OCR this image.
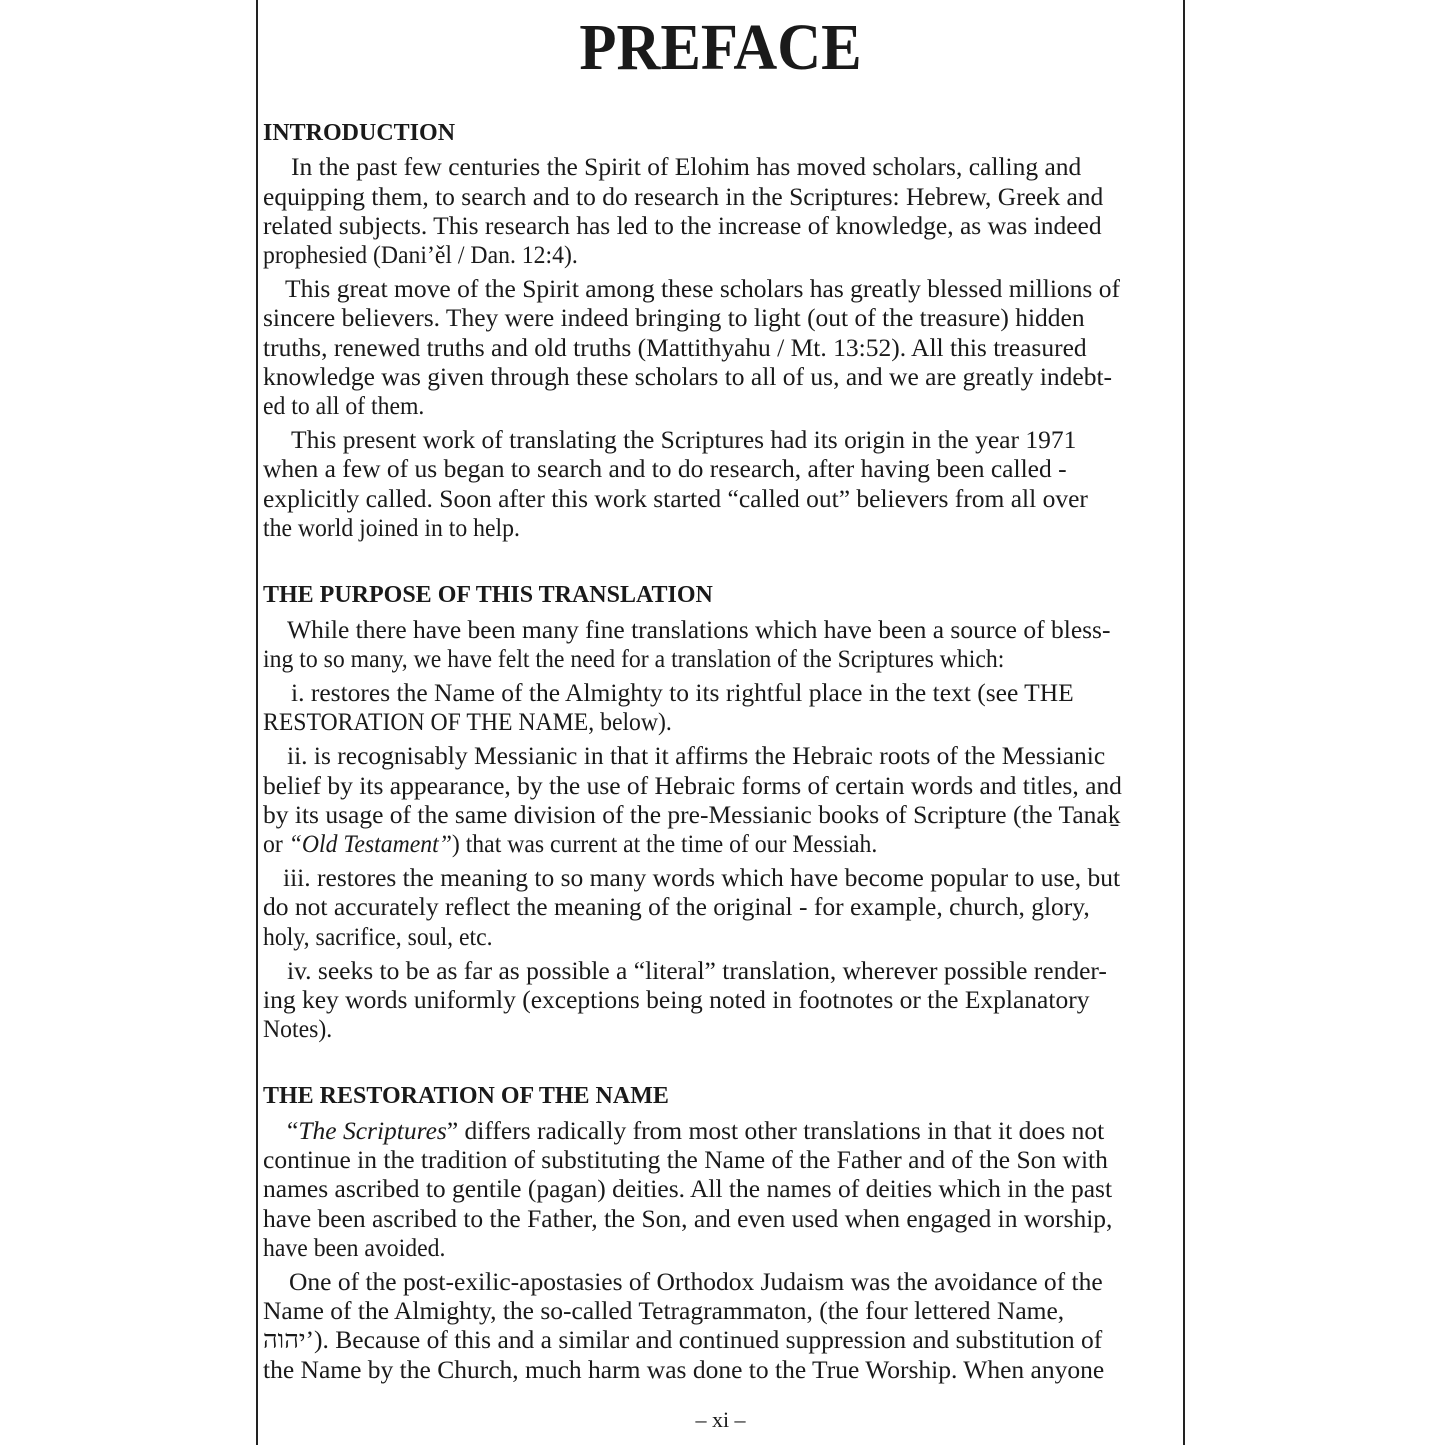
PREFACE
INTRODUCTION
In the past few centuries the Spirit of Elohim has moved scholars, calling and
equipping them, to search and to do research in the Scriptures: Hebrew, Greek and
related subjects. This research has led to the increase of knowledge, as was indeed
prophesied (Dani’ěl / Dan. 12:4).
This great move of the Spirit among these scholars has greatly blessed millions of
sincere believers. They were indeed bringing to light (out of the treasure) hidden
truths, renewed truths and old truths (Mattithyahu / Mt. 13:52). All this treasured
knowledge was given through these scholars to all of us, and we are greatly indebt-
ed to all of them.
This present work of translating the Scriptures had its origin in the year 1971
when a few of us began to search and to do research, after having been called -
explicitly called. Soon after this work started “called out” believers from all over
the world joined in to help.
THE PURPOSE OF THIS TRANSLATION
While there have been many fine translations which have been a source of bless-
ing to so many, we have felt the need for a translation of the Scriptures which:
i. restores the Name of the Almighty to its rightful place in the text (see THE
RESTORATION OF THE NAME, below).
ii. is recognisably Messianic in that it affirms the Hebraic roots of the Messianic
belief by its appearance, by the use of Hebraic forms of certain words and titles, and
by its usage of the same division of the pre-Messianic books of Scripture (the Tanaḵ
or “Old Testament”) that was current at the time of our Messiah.
iii. restores the meaning to so many words which have become popular to use, but
do not accurately reflect the meaning of the original - for example, church, glory,
holy, sacrifice, soul, etc.
iv. seeks to be as far as possible a “literal” translation, wherever possible render-
ing key words uniformly (exceptions being noted in footnotes or the Explanatory
Notes).
THE RESTORATION OF THE NAME
“The Scriptures” differs radically from most other translations in that it does not
continue in the tradition of substituting the Name of the Father and of the Son with
names ascribed to gentile (pagan) deities. All the names of deities which in the past
have been ascribed to the Father, the Son, and even used when engaged in worship,
have been avoided.
One of the post-exilic-apostasies of Orthodox Judaism was the avoidance of the
Name of the Almighty, the so-called Tetragrammaton, (the four lettered Name,
יהוה’). Because of this and a similar and continued suppression and substitution of
the Name by the Church, much harm was done to the True Worship. When anyone
– xi –
